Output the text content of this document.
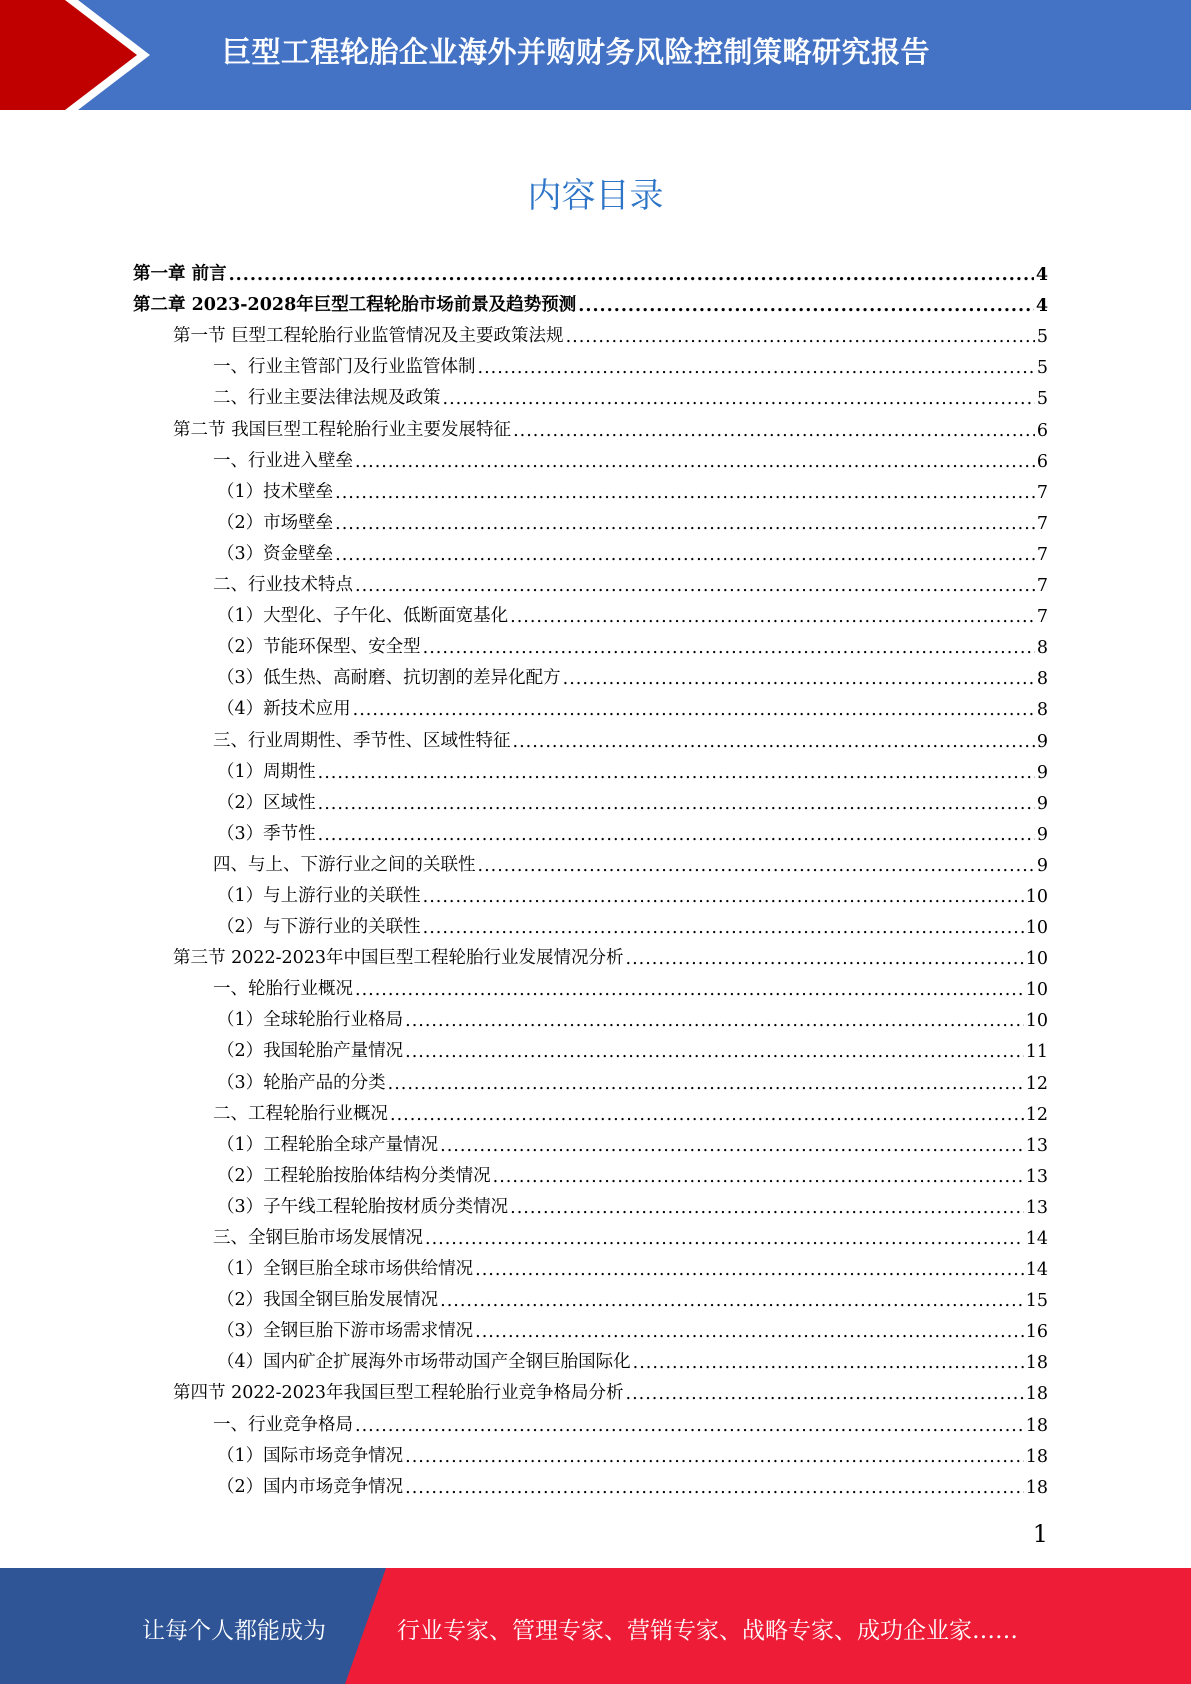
巨型工程轮胎企业海外并购财务风险控制策略研究报告
内容目录
第一章 前言 .....	4
第二章 2023-2028年巨型工程轮胎市场前景及趋势预测 .....	4
第一节 巨型工程轮胎行业监管情况及主要政策法规 .....	5
一、行业主管部门及行业监管体制 .....	5
二、行业主要法律法规及政策 .....	5
第二节 我国巨型工程轮胎行业主要发展特征 .....	6
一、行业进入壁垒 .....	6
（1）技术壁垒 .....	7
（2）市场壁垒 .....	7
（3）资金壁垒 .....	7
二、行业技术特点 .....	7
（1）大型化、子午化、低断面宽基化 .....	7
（2）节能环保型、安全型 .....	8
（3）低生热、高耐磨、抗切割的差异化配方 .....	8
（4）新技术应用 .....	8
三、行业周期性、季节性、区域性特征 .....	9
（1）周期性 .....	9
（2）区域性 .....	9
（3）季节性 .....	9
四、与上、下游行业之间的关联性 .....	9
（1）与上游行业的关联性 .....	10
（2）与下游行业的关联性 .....	10
第三节 2022-2023年中国巨型工程轮胎行业发展情况分析 .....	10
一、轮胎行业概况 .....	10
（1）全球轮胎行业格局 .....	10
（2）我国轮胎产量情况 .....	11
（3）轮胎产品的分类 .....	12
二、工程轮胎行业概况 .....	12
（1）工程轮胎全球产量情况 .....	13
（2）工程轮胎按胎体结构分类情况 .....	13
（3）子午线工程轮胎按材质分类情况 .....	13
三、全钢巨胎市场发展情况 .....	14
（1）全钢巨胎全球市场供给情况 .....	14
（2）我国全钢巨胎发展情况 .....	15
（3）全钢巨胎下游市场需求情况 .....	16
（4）国内矿企扩展海外市场带动国产全钢巨胎国际化 .....	18
第四节 2022-2023年我国巨型工程轮胎行业竞争格局分析 .....	18
一、行业竞争格局 .....	18
（1）国际市场竞争情况 .....	18
（2）国内市场竞争情况 .....	18
1
让每个人都能成为	行业专家、管理专家、营销专家、战略专家、成功企业家……
